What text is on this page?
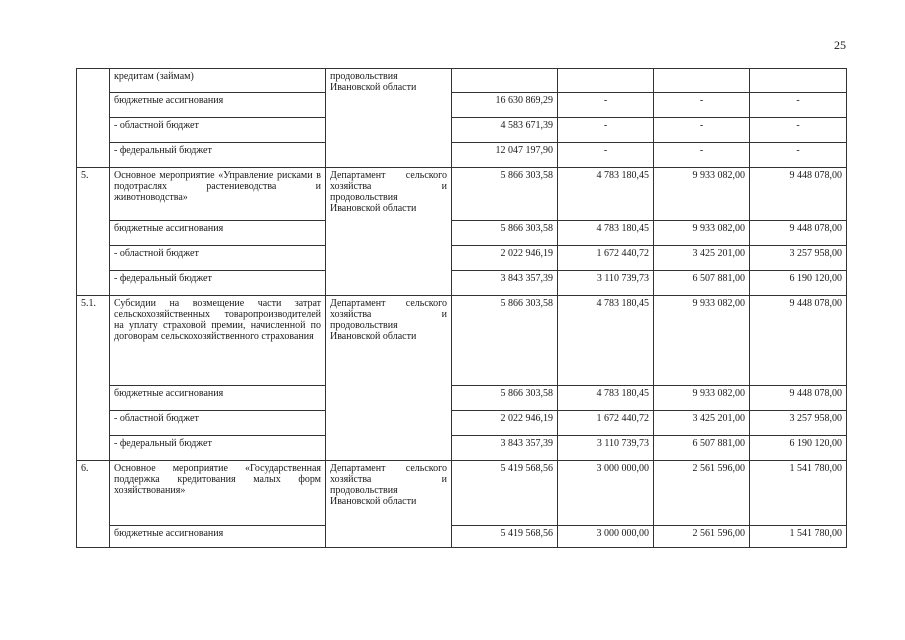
25
	кредитам (займам)	продовольствия Ивановской области				
	бюджетные ассигнования		16 630 869,29	-	-	-
	- областной бюджет		4 583 671,39	-	-	-
	- федеральный бюджет		12 047 197,90	-	-	-
5.	Основное мероприятие «Управление рисками в подотраслях растениеводства и животноводства»	Департамент сельского хозяйства и продовольствия Ивановской области	5 866 303,58	4 783 180,45	9 933 082,00	9 448 078,00
	бюджетные ассигнования		5 866 303,58	4 783 180,45	9 933 082,00	9 448 078,00
	- областной бюджет		2 022 946,19	1 672 440,72	3 425 201,00	3 257 958,00
	- федеральный бюджет		3 843 357,39	3 110 739,73	6 507 881,00	6 190 120,00
5.1.	Субсидии на возмещение части затрат сельскохозяйственных товаропроизводителей на уплату страховой премии, начисленной по договорам сельскохозяйственного страхования	Департамент сельского хозяйства и продовольствия Ивановской области	5 866 303,58	4 783 180,45	9 933 082,00	9 448 078,00
	бюджетные ассигнования		5 866 303,58	4 783 180,45	9 933 082,00	9 448 078,00
	- областной бюджет		2 022 946,19	1 672 440,72	3 425 201,00	3 257 958,00
	- федеральный бюджет		3 843 357,39	3 110 739,73	6 507 881,00	6 190 120,00
6.	Основное мероприятие «Государственная поддержка кредитования малых форм хозяйствования»	Департамент сельского хозяйства и продовольствия Ивановской области	5 419 568,56	3 000 000,00	2 561 596,00	1 541 780,00
	бюджетные ассигнования		5 419 568,56	3 000 000,00	2 561 596,00	1 541 780,00
